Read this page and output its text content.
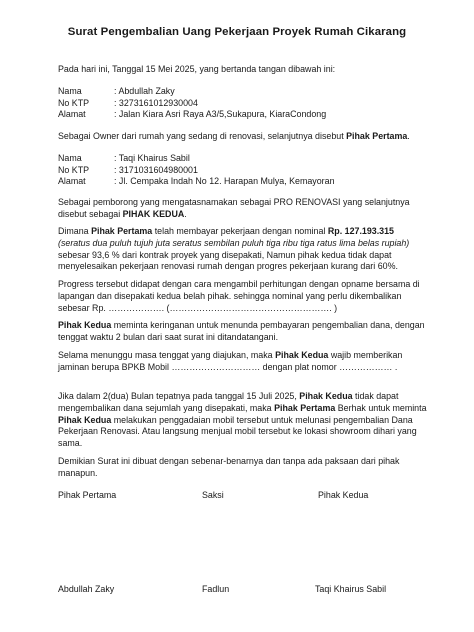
Surat Pengembalian Uang Pekerjaan Proyek Rumah Cikarang

Pada hari ini, Tanggal 15 Mei 2025, yang bertanda tangan dibawah ini:

Nama	: Abdullah Zaky
No KTP	: 3273161012930004
Alamat	: Jalan Kiara Asri Raya A3/5,Sukapura, KiaraCondong

Sebagai Owner dari rumah yang sedang di renovasi, selanjutnya disebut Pihak Pertama.

Nama	: Taqi Khairus Sabil
No KTP	: 3171031604980001
Alamat	: Jl. Cempaka Indah No 12. Harapan Mulya, Kemayoran

Sebagai pemborong yang mengatasnamakan sebagai PRO RENOVASI yang selanjutnya disebut sebagai PIHAK KEDUA.

Dimana Pihak Pertama telah membayar pekerjaan dengan nominal Rp. 127.193.315 (seratus dua puluh tujuh juta seratus sembilan puluh tiga ribu tiga ratus lima belas rupiah) sebesar 93,6 % dari kontrak proyek yang disepakati, Namun pihak kedua tidak dapat menyelesaikan pekerjaan renovasi rumah dengan progres pekerjaan kurang dari 60%.

Progress tersebut didapat dengan cara mengambil perhitungan dengan opname bersama di lapangan dan disepakati kedua belah pihak. sehingga nominal yang perlu dikembalikan sebesar Rp. ………………. (………………………………………………. )

Pihak Kedua meminta keringanan untuk menunda pembayaran pengembalian dana, dengan tenggat waktu 2 bulan dari saat surat ini ditandatangani.

Selama menunggu masa tenggat yang diajukan, maka Pihak Kedua wajib memberikan jaminan berupa BPKB Mobil ………………………… dengan plat nomor ……………… .

Jika dalam 2(dua) Bulan tepatnya pada tanggal 15 Juli 2025, Pihak Kedua tidak dapat mengembalikan dana sejumlah yang disepakati, maka Pihak Pertama Berhak untuk meminta Pihak Kedua melakukan penggadaian mobil tersebut untuk melunasi pengembalian Dana Pekerjaan Renovasi. Atau langsung menjual mobil tersebut ke lokasi showroom dihari yang sama.

Demikian Surat ini dibuat dengan sebenar-benarnya dan tanpa ada paksaan dari pihak manapun.

Pihak Pertama	Saksi	Pihak Kedua
Abdullah Zaky	Fadlun	Taqi Khairus Sabil
